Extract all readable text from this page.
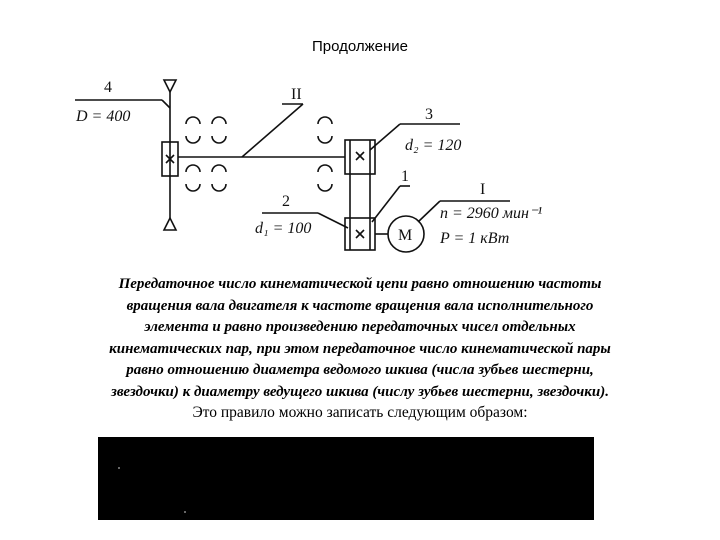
Продолжение
4
D = 400
II
3
d₂ = 120
1
I
n = 2960 мин⁻¹
P = 1 кВт
2
d₁ = 100	M

Передаточное число кинематической цепи равно отношению частоты
вращения вала двигателя к частоте вращения вала исполнительного
элемента и равно произведению передаточных чисел отдельных
кинематических пар, при этом передаточное число кинематической пары
равно отношению диаметра ведомого шкива (числа зубьев шестерни,
звездочки) к диаметру ведущего шкива (числу зубьев шестерни, звездочки).

Это правило можно записать следующим образом:
